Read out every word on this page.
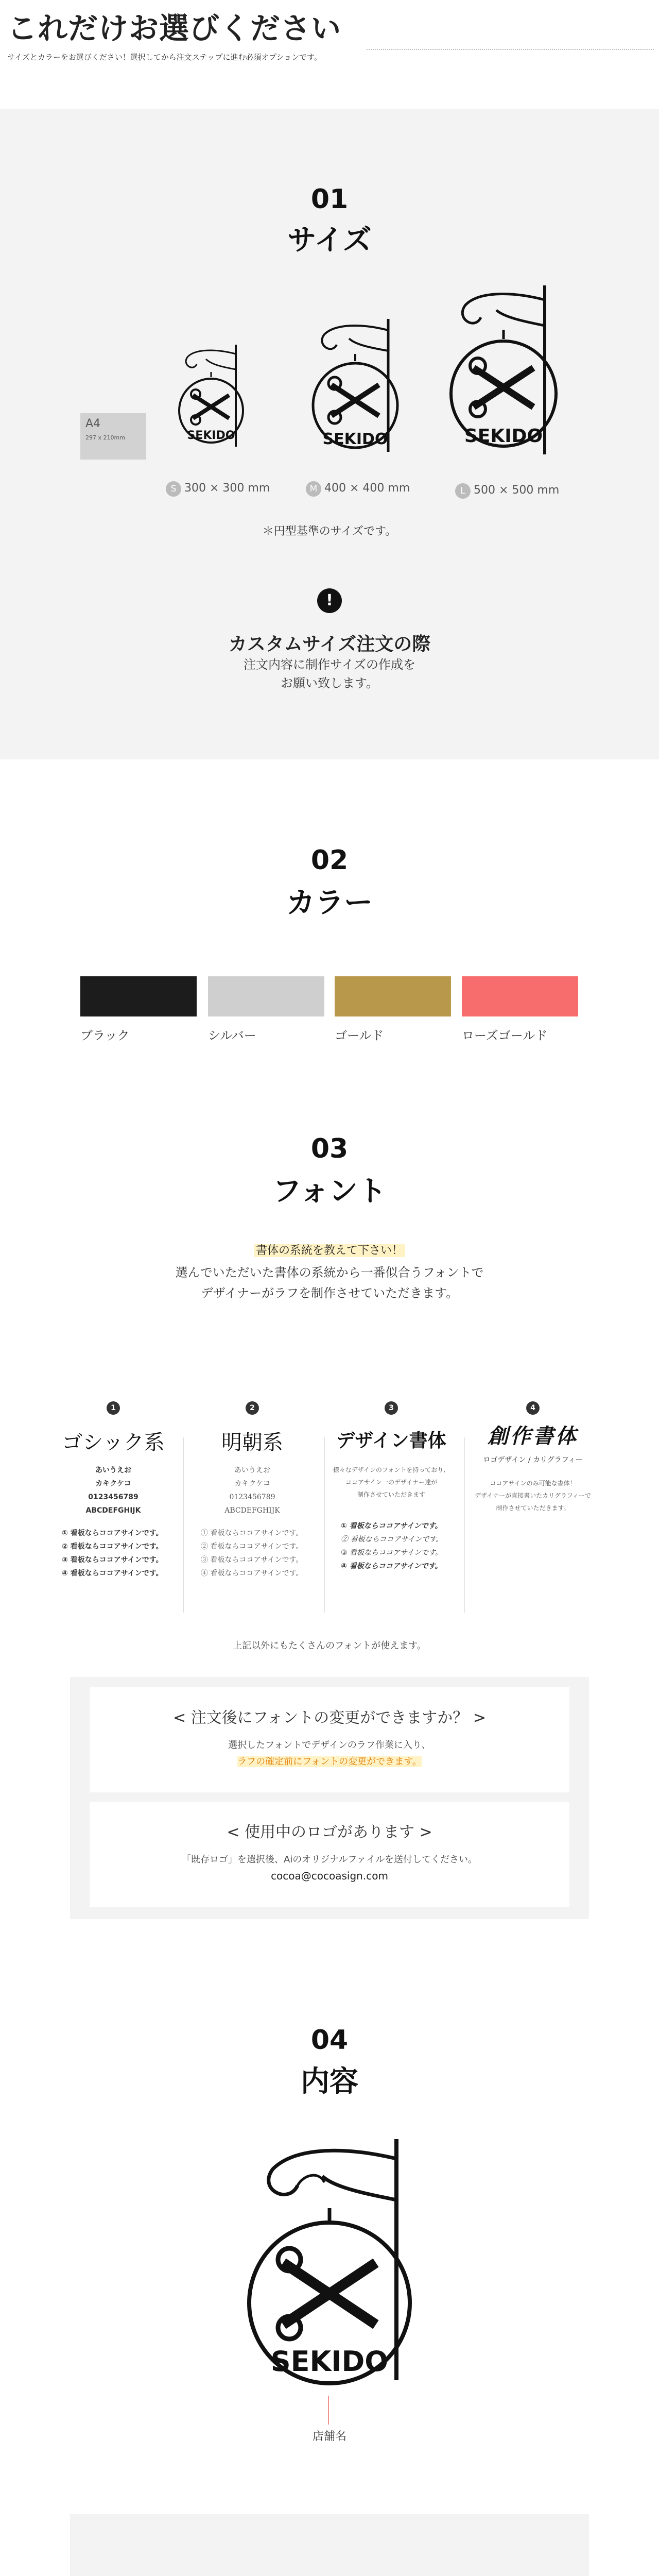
これだけお選びください
サイズとカラーをお選びください！選択してから注文ステップに進む必須オプションです。
01
サイズ
A4
297 x 210mm	SEKIDO	SEKIDO	SEKIDO
S 300 × 300 mm	M 400 × 400 mm	L 500 × 500 mm
＊円型基準のサイズです。
!
カスタムサイズ注文の際
注文内容に制作サイズの作成を
お願い致します。
02
カラー
ブラック	シルバー	ゴールド	ローズゴールド
03
フォント
書体の系統を教えて下さい！
選んでいただいた書体の系統から一番似合うフォントで
デザイナーがラフを制作させていただきます。
1
ゴシック系
あいうえお
カキクケコ
0123456789
ABCDEFGHIJK
① 看板ならココアサインです。
② 看板ならココアサインです。
③ 看板ならココアサインです。
④ 看板ならココアサインです。
2
明朝系
あいうえお
カキクケコ
0123456789
ABCDEFGHIJK
① 看板ならココアサインです。
② 看板ならココアサインです。
③ 看板ならココアサインです。
④ 看板ならココアサインです。
3
デザイン書体
様々なデザインのフォントを持っており、
ココアサイン一のデザイナー達が
制作させていただきます
① 看板ならココアサインです。
② 看板ならココアサインです。
③ 看板ならココアサインです。
④ 看板ならココアサインです。
4
創作書体
ロゴデザイン / カリグラフィー
ココアサインのみ可能な書体！
デザイナーが直接書いたカリグラフィーで
制作させていただきます。
上記以外にもたくさんのフォントが使えます。
< 注文後にフォントの変更ができますか？ >
選択したフォントでデザインのラフ作業に入り、
ラフの確定前にフォントの変更ができます。
< 使用中のロゴがあります >
「既存ロゴ」を選択後、Aiのオリジナルファイルを送付してください。
cocoa@cocoasign.com
04
内容
SEKIDO
店舗名
